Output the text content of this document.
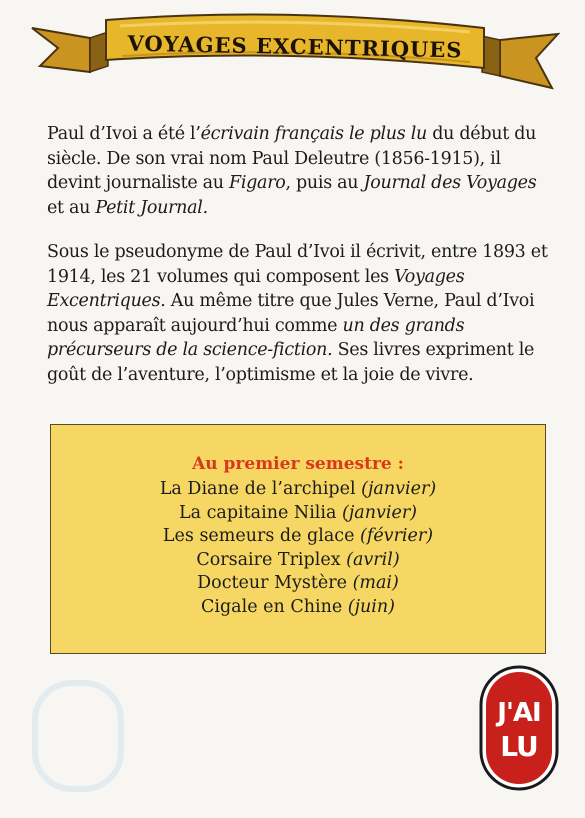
VOYAGES EXCENTRIQUES
Paul d’Ivoi a été l’écrivain français le plus lu du début du siècle. De son vrai nom Paul Deleutre (1856-1915), il devint journaliste au Figaro, puis au Journal des Voyages et au Petit Journal.
Sous le pseudonyme de Paul d’Ivoi il écrivit, entre 1893 et 1914, les 21 volumes qui composent les Voyages Excentriques. Au même titre que Jules Verne, Paul d’Ivoi nous apparaît aujourd’hui comme un des grands précurseurs de la science-fiction. Ses livres expriment le goût de l’aventure, l’optimisme et la joie de vivre.
Au premier semestre :
La Diane de l’archipel (janvier)
La capitaine Nilia (janvier)
Les semeurs de glace (février)
Corsaire Triplex (avril)
Docteur Mystère (mai)
Cigale en Chine (juin)
J'AI
LU
